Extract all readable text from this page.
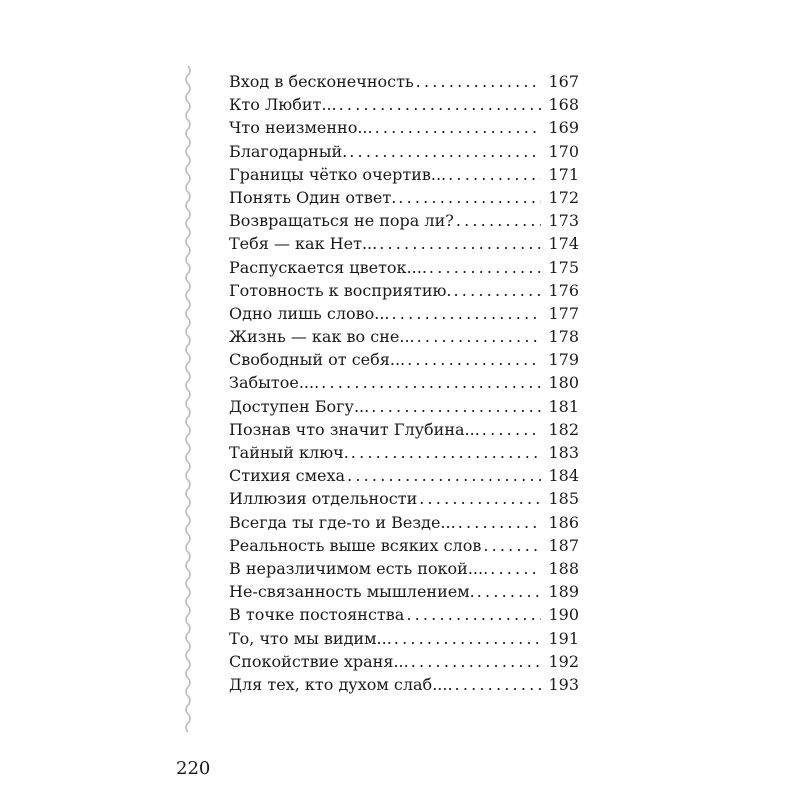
Вход в бесконечность .....	167
Кто Любит... .....	168
Что неизменно... .....	169
Благодарный. .....	170
Границы чётко очертив... .....	171
Понять Один ответ. .....	172
Возвращаться не пора ли? .....	173
Тебя — как Нет... .....	174
Распускается цветок.... .....	175
Готовность к восприятию. .....	176
Одно лишь слово... .....	177
Жизнь — как во сне... .....	178
Свободный от себя... .....	179
Забытое.... .....	180
Доступен Богу... .....	181
Познав что значит Глубина... .....	182
Тайный ключ. .....	183
Стихия смеха .....	184
Иллюзия отдельности .....	185
Всегда ты где-то и Везде... .....	186
Реальность выше всяких слов .....	187
В неразличимом есть покой.... .....	188
Не-связанность мышлением. .....	189
В точке постоянства .....	190
То, что мы видим... .....	191
Спокойствие храня... .....	192
Для тех, кто духом слаб.... .....	193
220
